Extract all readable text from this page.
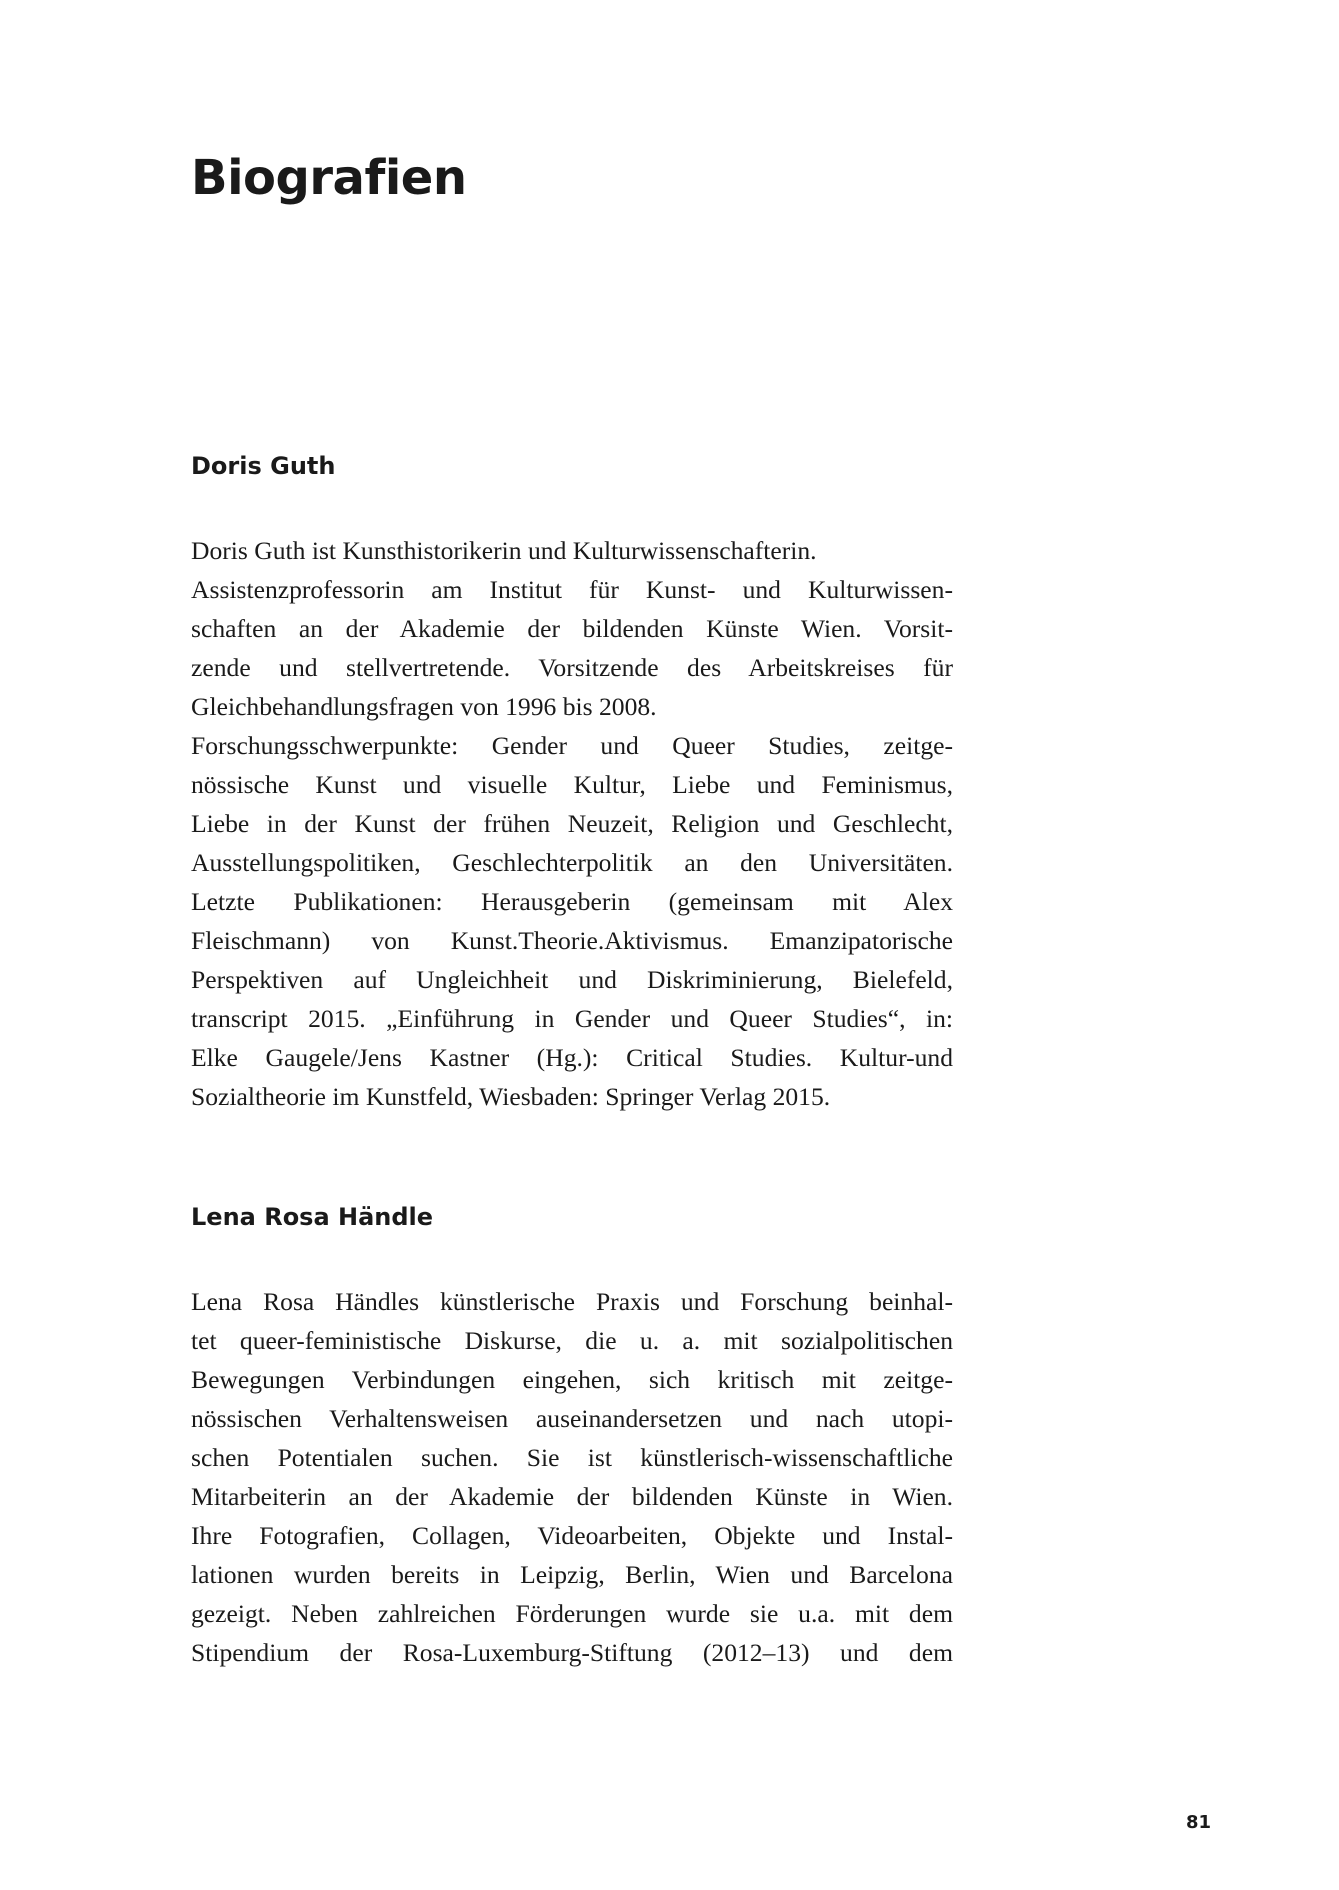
Biografien
Doris Guth

Doris Guth ist Kunsthistorikerin und Kulturwissenschafterin.
Assistenzprofessorin am Institut für Kunst- und Kulturwissen-
schaften an der Akademie der bildenden Künste Wien. Vorsit-
zende und stellvertretende. Vorsitzende des Arbeitskreises für
Gleichbehandlungsfragen von 1996 bis 2008.
Forschungsschwerpunkte: Gender und Queer Studies, zeitge-
nössische Kunst und visuelle Kultur, Liebe und Feminismus,
Liebe in der Kunst der frühen Neuzeit, Religion und Geschlecht,
Ausstellungspolitiken, Geschlechterpolitik an den Universitäten.
Letzte Publikationen: Herausgeberin (gemeinsam mit Alex
Fleischmann) von Kunst.Theorie.Aktivismus. Emanzipatorische
Perspektiven auf Ungleichheit und Diskriminierung, Bielefeld,
transcript 2015. „Einführung in Gender und Queer Studies“, in:
Elke Gaugele/Jens Kastner (Hg.): Critical Studies. Kultur-und
Sozialtheorie im Kunstfeld, Wiesbaden: Springer Verlag 2015.

Lena Rosa Händle

Lena Rosa Händles künstlerische Praxis und Forschung beinhal-
tet queer-feministische Diskurse, die u. a. mit sozialpolitischen
Bewegungen Verbindungen eingehen, sich kritisch mit zeitge-
nössischen Verhaltensweisen auseinandersetzen und nach utopi-
schen Potentialen suchen. Sie ist künstlerisch-wissenschaftliche
Mitarbeiterin an der Akademie der bildenden Künste in Wien.
Ihre Fotografien, Collagen, Videoarbeiten, Objekte und Instal-
lationen wurden bereits in Leipzig, Berlin, Wien und Barcelona
gezeigt. Neben zahlreichen Förderungen wurde sie u.a. mit dem
Stipendium der Rosa-Luxemburg-Stiftung (2012–13) und dem

81
